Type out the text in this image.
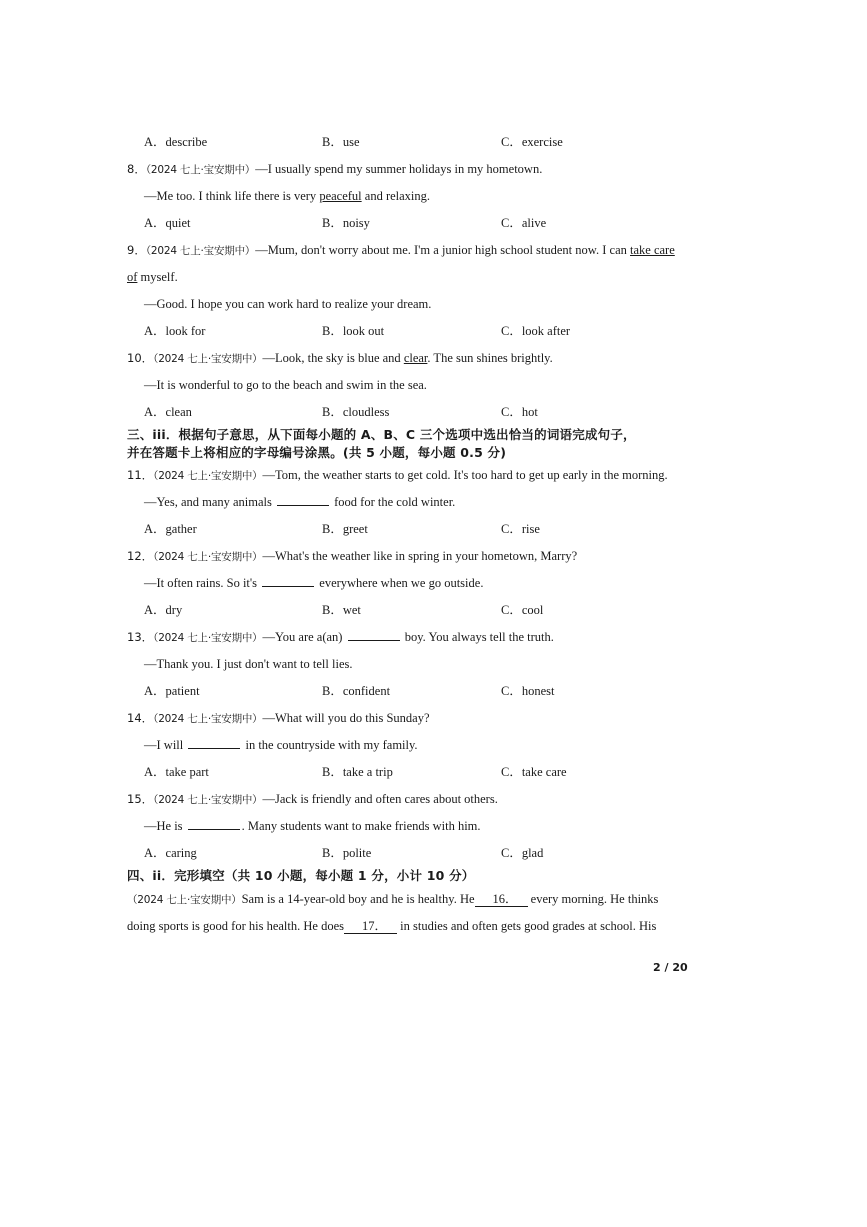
A．describe	B．use	C．exercise
8．（2024 七上·宝安期中）—I usually spend my summer holidays in my hometown.
—Me too. I think life there is very peaceful and relaxing.
A．quiet	B．noisy	C．alive
9．（2024 七上·宝安期中）—Mum, don't worry about me. I'm a junior high school student now. I can take care
of myself.
—Good. I hope you can work hard to realize your dream.
A．look for	B．look out	C．look after
10．（2024 七上·宝安期中）—Look, the sky is blue and clear. The sun shines brightly.
—It is wonderful to go to the beach and swim in the sea.
A．clean	B．cloudless	C．hot
三、iii．根据句子意思，从下面每小题的 A、B、C 三个选项中选出恰当的词语完成句子，
并在答题卡上将相应的字母编号涂黑。(共 5 小题，每小题 0.5 分)
11．（2024 七上·宝安期中）—Tom, the weather starts to get cold. It's too hard to get up early in the morning.
—Yes, and many animals	food for the cold winter.
A．gather	B．greet	C．rise
12．（2024 七上·宝安期中）—What's the weather like in spring in your hometown, Marry?
—It often rains. So it's	everywhere when we go outside.
A．dry	B．wet	C．cool
13．（2024 七上·宝安期中）—You are a(an)	boy. You always tell the truth.
—Thank you. I just don't want to tell lies.
A．patient	B．confident	C．honest
14．（2024 七上·宝安期中）—What will you do this Sunday?
—I will	in the countryside with my family.
A．take part	B．take a trip	C．take care
15．（2024 七上·宝安期中）—Jack is friendly and often cares about others.
—He is	. Many students want to make friends with him.
A．caring	B．polite	C．glad
四、ii．完形填空（共 10 小题，每小题 1 分，小计 10 分）
（2024 七上·宝安期中）Sam is a 14-year-old boy and he is healthy. He 16． every morning. He thinks
doing sports is good for his health. He does 17． in studies and often gets good grades at school. His
2 / 20
